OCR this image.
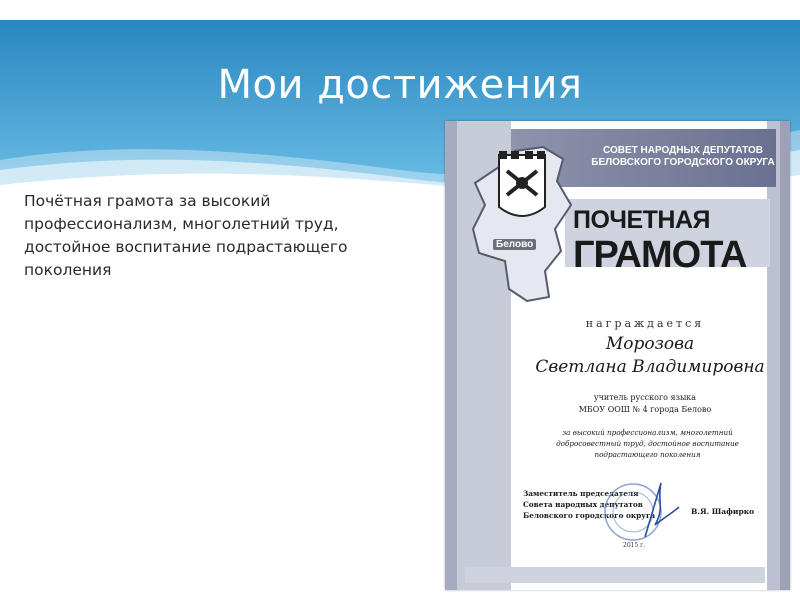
Мои достижения
Почётная грамота за высокий профессионализм, многолетний труд, достойное воспитание подрастающего поколения
СОВЕТ НАРОДНЫХ ДЕПУТАТОВ БЕЛОВСКОГО ГОРОДСКОГО ОКРУГА
ПОЧЕТНАЯ
ГРАМОТА
Белово
награждается
Морозова
Светлана Владимировна
учитель русского языка
МБОУ ООШ № 4 города Белово
за высокий профессионализм, многолетний добросовестный труд, достойное воспитание подрастающего поколения
Заместитель председателя Совета народных депутатов Беловского городского округа	В.Я. Шафирко
2015 г.
